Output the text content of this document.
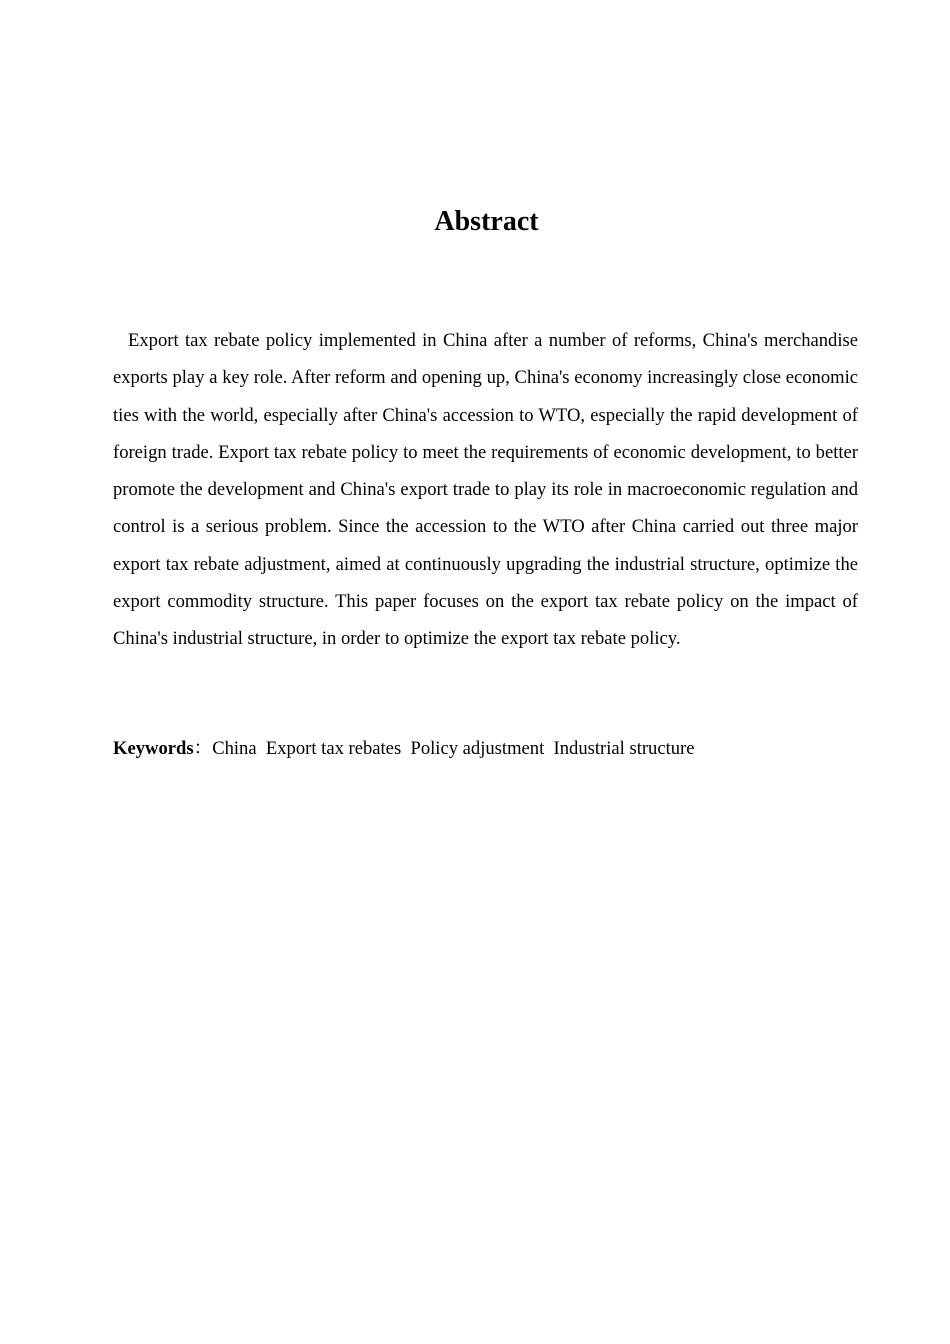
Abstract

Export tax rebate policy implemented in China after a number of reforms, China's merchandise exports play a key role. After reform and opening up, China's economy increasingly close economic ties with the world, especially after China's accession to WTO, especially the rapid development of foreign trade. Export tax rebate policy to meet the requirements of economic development, to better promote the development and China's export trade to play its role in macroeconomic regulation and control is a serious problem. Since the accession to the WTO after China carried out three major export tax rebate adjustment, aimed at continuously upgrading the industrial structure, optimize the export commodity structure. This paper focuses on the export tax rebate policy on the impact of China's industrial structure, in order to optimize the export tax rebate policy.

Keywords：China Export tax rebates Policy adjustment Industrial structure
